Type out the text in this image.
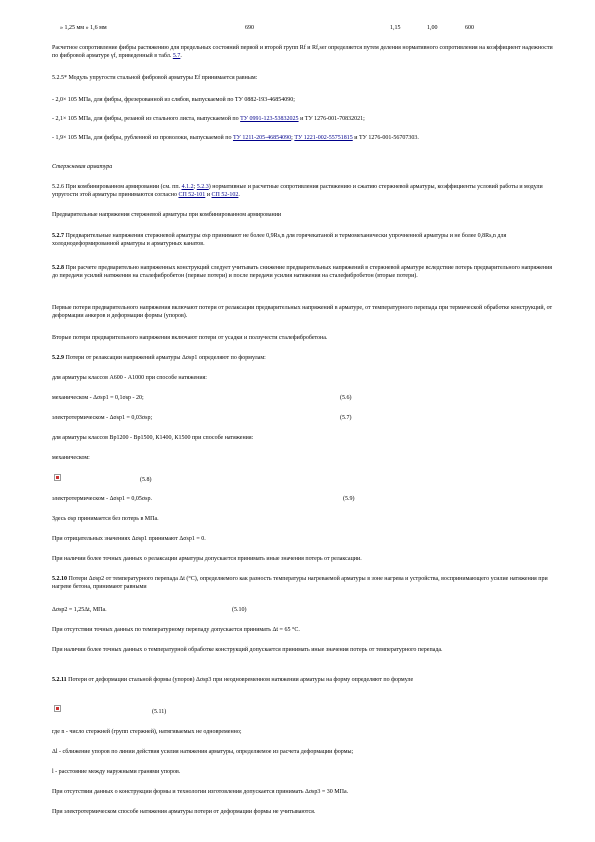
» 1,25 мм » 1,6 мм	690	1,15	1,00	600
Расчетное сопротивление фибры растяжению для предельных состояний первой и второй групп Rf и Rf,ser определяется путем деления нормативного сопротивления на коэффициент надежности по фибровой арматуре γf, приведенный в табл. 5.7.
5.2.5* Модуль упругости стальной фибровой арматуры Ef принимается равным:
- 2,0× 105 МПа, для фибры, фрезерованной из слябов, выпускаемой по ТУ 0882-193-46854090;
- 2,1× 105 МПа, для фибры, резаной из стального листа, выпускаемой по ТУ 0991-123-53832025 и ТУ 1276-001-70832021;
- 1,9× 105 МПа, для фибры, рубленной из проволоки, выпускаемой по ТУ 1211-205-46854090; ТУ 1221-002-55751815 и ТУ 1276-001-56707303.
Стержневая арматура
5.2.6 При комбинированном армировании (см. пп. 4.1.2; 5.2.3) нормативные и расчетные сопротивления растяжению и сжатию стержневой арматуры, коэффициенты условий работы и модули упругости этой арматуры принимаются согласно СП 52-101 и СП 52-102.
Предварительные напряжения стержневой арматуры при комбинированном армировании
5.2.7 Предварительные напряжения стержневой арматуры σsp принимают не более 0,9Rs,n для горячекатаной и термомеханически упрочненной арматуры и не более 0,8Rs,n для холоднодеформированной арматуры и арматурных канатов.
5.2.8 При расчете предварительно напряженных конструкций следует учитывать снижение предварительных напряжений в стержневой арматуре вследствие потерь предварительного напряжения до передачи усилий натяжения на сталефибробетон (первые потери) и после передачи усилия натяжения на сталефибробетон (вторые потери).
Первые потери предварительного напряжения включают потери от релаксации предварительных напряжений в арматуре, от температурного перепада при термической обработке конструкций, от деформации анкеров и деформации формы (упоров).
Вторые потери предварительного напряжения включают потери от усадки и ползучести сталефибробетона.
5.2.9 Потери от релаксации напряжений арматуры Δσsp1 определяют по формулам:
для арматуры классов А600 - А1000 при способе натяжения:
механическом - Δσsp1 = 0,1σsp - 20;	(5.6)
электротермическом - Δσsp1 = 0,03σsp;	(5.7)
для арматуры классов Вр1200 - Вр1500, К1400, К1500 при способе натяжения:
механическом:
(5.8)
электротермическом - Δσsp1 = 0,05σsp.	(5.9)
Здесь σsp принимается без потерь в МПа.
При отрицательных значениях Δσsp1 принимают Δσsp1 = 0.
При наличии более точных данных о релаксации арматуры допускается принимать иные значения потерь от релаксации.
5.2.10 Потери Δσsp2 от температурного перепада Δt (°С), определяемого как разность температуры нагреваемой арматуры в зоне нагрева и устройства, воспринимающего усилие натяжения при нагреве бетона, принимают равными
Δσsp2 = 1,25Δt, МПа.	(5.10)
При отсутствии точных данных по температурному перепаду допускается принимать Δt = 65 °С.
При наличии более точных данных о температурной обработке конструкций допускается принимать иные значения потерь от температурного перепада.
5.2.11 Потери от деформации стальной формы (упоров) Δσsp3 при неодновременном натяжении арматуры на форму определяют по формуле
(5.11)
где n - число стержней (групп стержней), натягиваемых не одновременно;
Δl - сближение упоров по линии действия усилия натяжения арматуры, определяемое из расчета деформации формы;
l - расстояние между наружными гранями упоров.
При отсутствии данных о конструкции формы и технологии изготовления допускается принимать Δσsp3 = 30 МПа.
При электротермическом способе натяжения арматуры потери от деформации формы не учитываются.
